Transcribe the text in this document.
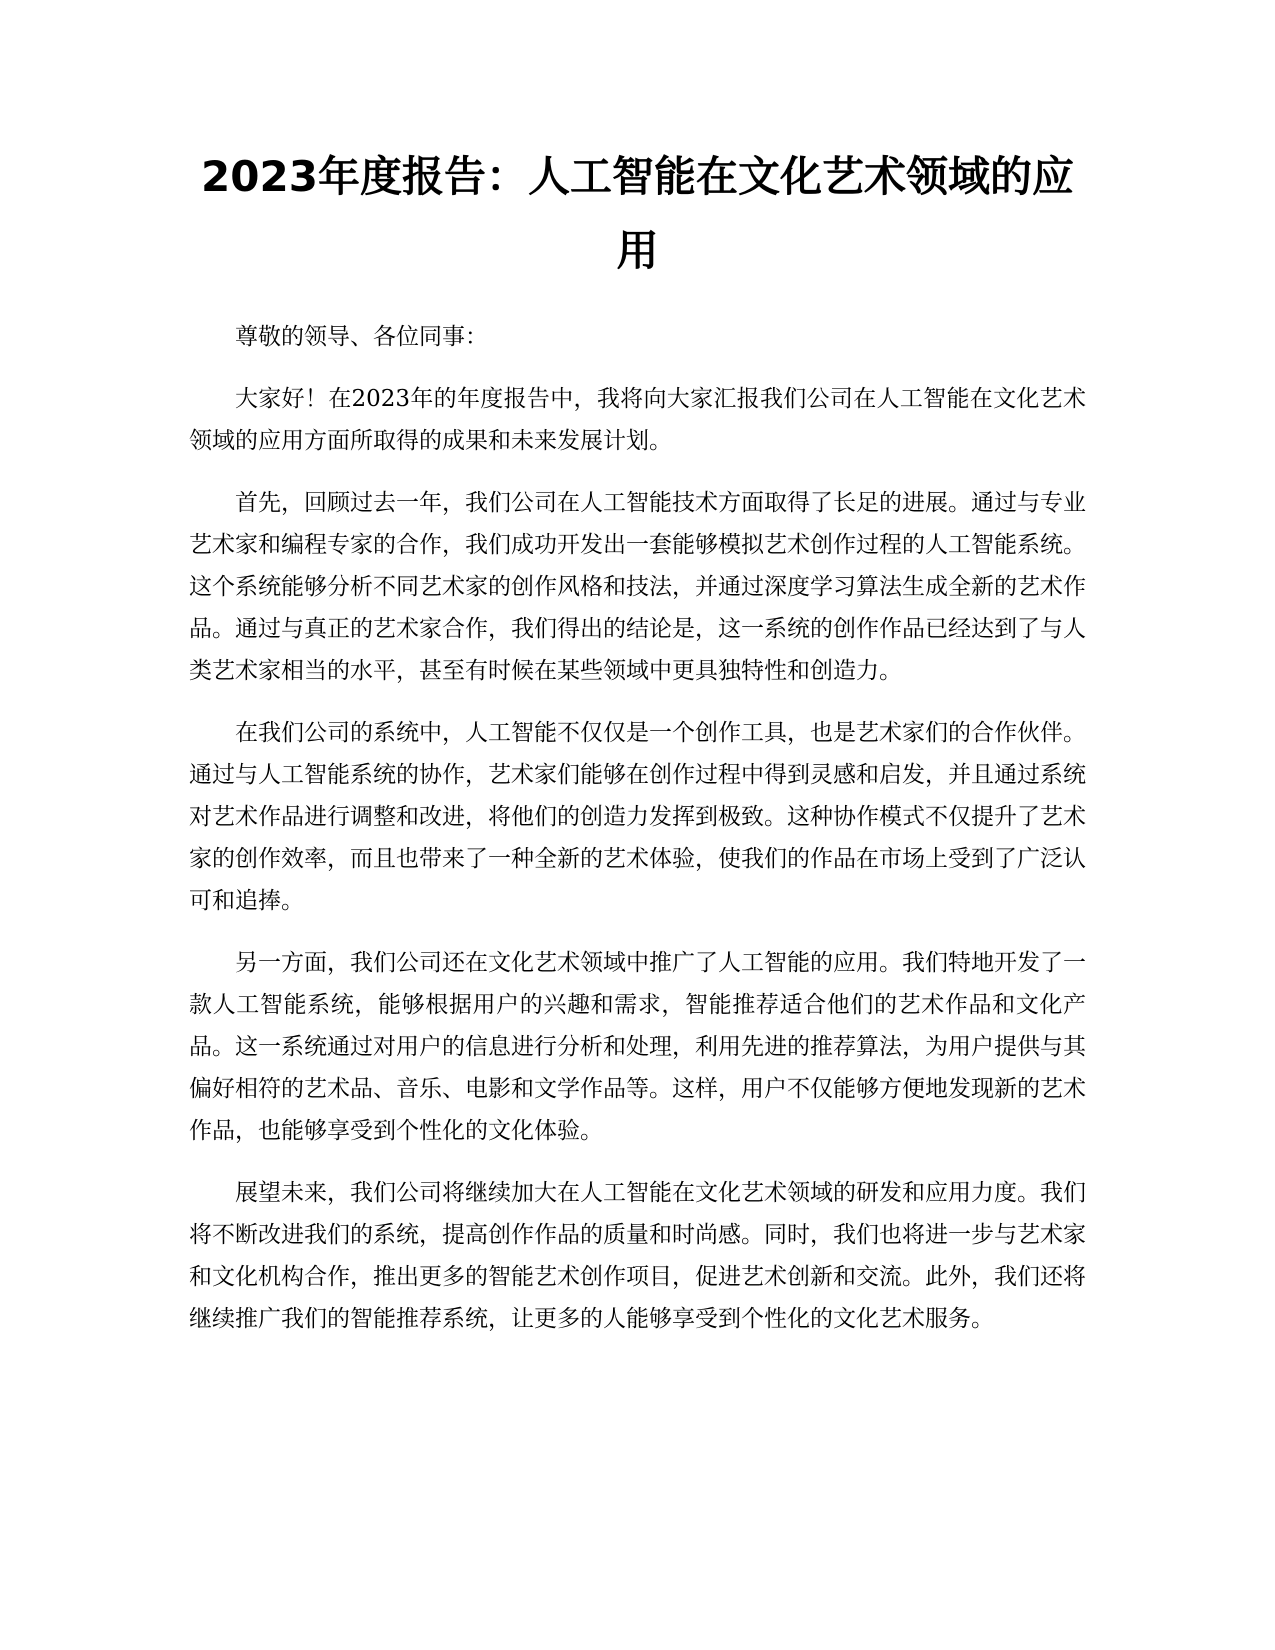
2023年度报告：人工智能在文化艺术领域的应用

尊敬的领导、各位同事：

大家好！在2023年的年度报告中，我将向大家汇报我们公司在人工智能在文化艺术领域的应用方面所取得的成果和未来发展计划。

首先，回顾过去一年，我们公司在人工智能技术方面取得了长足的进展。通过与专业艺术家和编程专家的合作，我们成功开发出一套能够模拟艺术创作过程的人工智能系统。这个系统能够分析不同艺术家的创作风格和技法，并通过深度学习算法生成全新的艺术作品。通过与真正的艺术家合作，我们得出的结论是，这一系统的创作作品已经达到了与人类艺术家相当的水平，甚至有时候在某些领域中更具独特性和创造力。

在我们公司的系统中，人工智能不仅仅是一个创作工具，也是艺术家们的合作伙伴。通过与人工智能系统的协作，艺术家们能够在创作过程中得到灵感和启发，并且通过系统对艺术作品进行调整和改进，将他们的创造力发挥到极致。这种协作模式不仅提升了艺术家的创作效率，而且也带来了一种全新的艺术体验，使我们的作品在市场上受到了广泛认可和追捧。

另一方面，我们公司还在文化艺术领域中推广了人工智能的应用。我们特地开发了一款人工智能系统，能够根据用户的兴趣和需求，智能推荐适合他们的艺术作品和文化产品。这一系统通过对用户的信息进行分析和处理，利用先进的推荐算法，为用户提供与其偏好相符的艺术品、音乐、电影和文学作品等。这样，用户不仅能够方便地发现新的艺术作品，也能够享受到个性化的文化体验。

展望未来，我们公司将继续加大在人工智能在文化艺术领域的研发和应用力度。我们将不断改进我们的系统，提高创作作品的质量和时尚感。同时，我们也将进一步与艺术家和文化机构合作，推出更多的智能艺术创作项目，促进艺术创新和交流。此外，我们还将继续推广我们的智能推荐系统，让更多的人能够享受到个性化的文化艺术服务。
